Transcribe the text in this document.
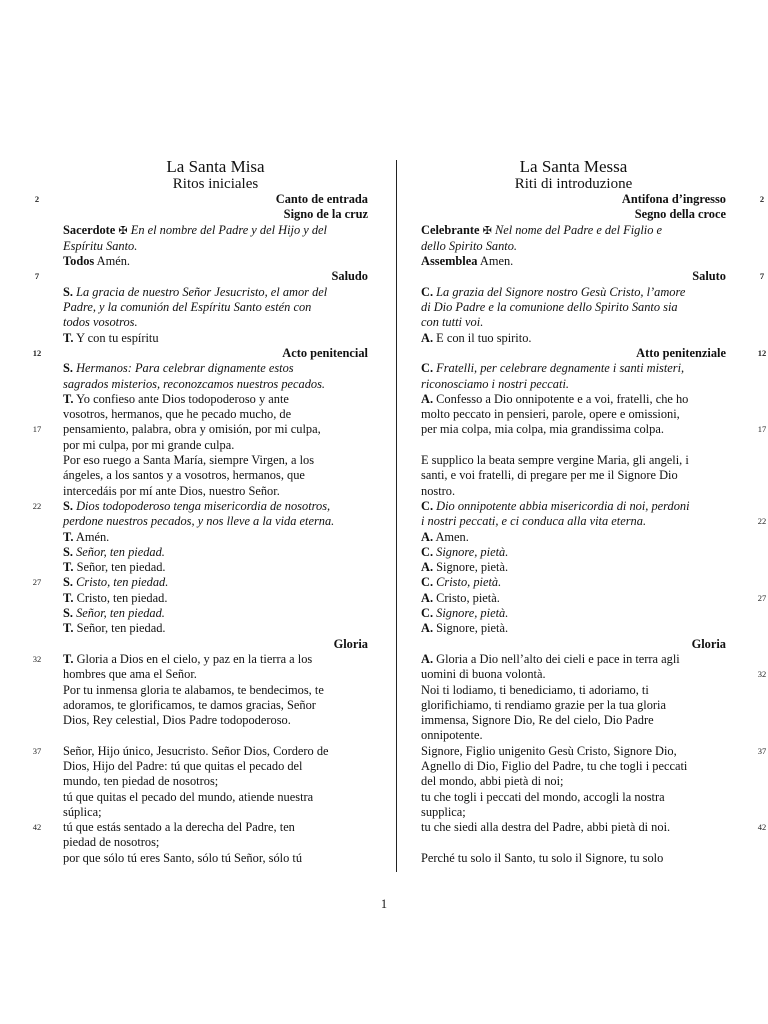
La Santa Misa
Ritos iniciales
2	Canto de entrada
Signo de la cruz
Sacerdote ✠ En el nombre del Padre y del Hijo y del
Espíritu Santo.
Todos Amén.
7	Saludo
S. La gracia de nuestro Señor Jesucristo, el amor del
Padre, y la comunión del Espíritu Santo estén con
todos vosotros.
T. Y con tu espíritu
12	Acto penitencial
S. Hermanos: Para celebrar dignamente estos
sagrados misterios, reconozcamos nuestros pecados.
T. Yo confieso ante Dios todopoderoso y ante
vosotros, hermanos, que he pecado mucho, de
17	pensamiento, palabra, obra y omisión, por mi culpa,
por mi culpa, por mi grande culpa.
Por eso ruego a Santa María, siempre Virgen, a los
ángeles, a los santos y a vosotros, hermanos, que
intercedáis por mí ante Dios, nuestro Señor.
22	S. Dios todopoderoso tenga misericordia de nosotros,
perdone nuestros pecados, y nos lleve a la vida eterna.
T. Amén.
S. Señor, ten piedad.
T. Señor, ten piedad.
27	S. Cristo, ten piedad.
T. Cristo, ten piedad.
S. Señor, ten piedad.
T. Señor, ten piedad.
Gloria
32	T. Gloria a Dios en el cielo, y paz en la tierra a los
hombres que ama el Señor.
Por tu inmensa gloria te alabamos, te bendecimos, te
adoramos, te glorificamos, te damos gracias, Señor
Dios, Rey celestial, Dios Padre todopoderoso.
37	Señor, Hijo único, Jesucristo. Señor Dios, Cordero de
Dios, Hijo del Padre: tú que quitas el pecado del
mundo, ten piedad de nosotros;
tú que quitas el pecado del mundo, atiende nuestra
súplica;
42	tú que estás sentado a la derecha del Padre, ten
piedad de nosotros;
por que sólo tú eres Santo, sólo tú Señor, sólo tú
La Santa Messa
Riti di introduzione
2
Antifona d’ingresso
Segno della croce
Celebrante ✠ Nel nome del Padre e del Figlio e
dello Spirito Santo.
Assemblea Amen.
7
Saluto
C. La grazia del Signore nostro Gesù Cristo, l’amore
di Dio Padre e la comunione dello Spirito Santo sia
con tutti voi.
A. E con il tuo spirito.
12
Atto penitenziale
C. Fratelli, per celebrare degnamente i santi misteri,
riconosciamo i nostri peccati.
A. Confesso a Dio onnipotente e a voi, fratelli, che ho
molto peccato in pensieri, parole, opere e omissioni,
17
per mia colpa, mia colpa, mia grandissima colpa.
E supplico la beata sempre vergine Maria, gli angeli, i
santi, e voi fratelli, di pregare per me il Signore Dio
nostro.
C. Dio onnipotente abbia misericordia di noi, perdoni
22
i nostri peccati, e ci conduca alla vita eterna.
A. Amen.
C. Signore, pietà.
A. Signore, pietà.
C. Cristo, pietà.
27
A. Cristo, pietà.
C. Signore, pietà.
A. Signore, pietà.
Gloria
A. Gloria a Dio nell’alto dei cieli e pace in terra agli
32
uomini di buona volontà.
Noi ti lodiamo, ti benediciamo, ti adoriamo, ti
glorifichiamo, ti rendiamo grazie per la tua gloria
immensa, Signore Dio, Re del cielo, Dio Padre
onnipotente.
37
Signore, Figlio unigenito Gesù Cristo, Signore Dio,
Agnello di Dio, Figlio del Padre, tu che togli i peccati
del mondo, abbi pietà di noi;
tu che togli i peccati del mondo, accogli la nostra
supplica;
42
tu che siedi alla destra del Padre, abbi pietà di noi.
Perché tu solo il Santo, tu solo il Signore, tu solo
1
